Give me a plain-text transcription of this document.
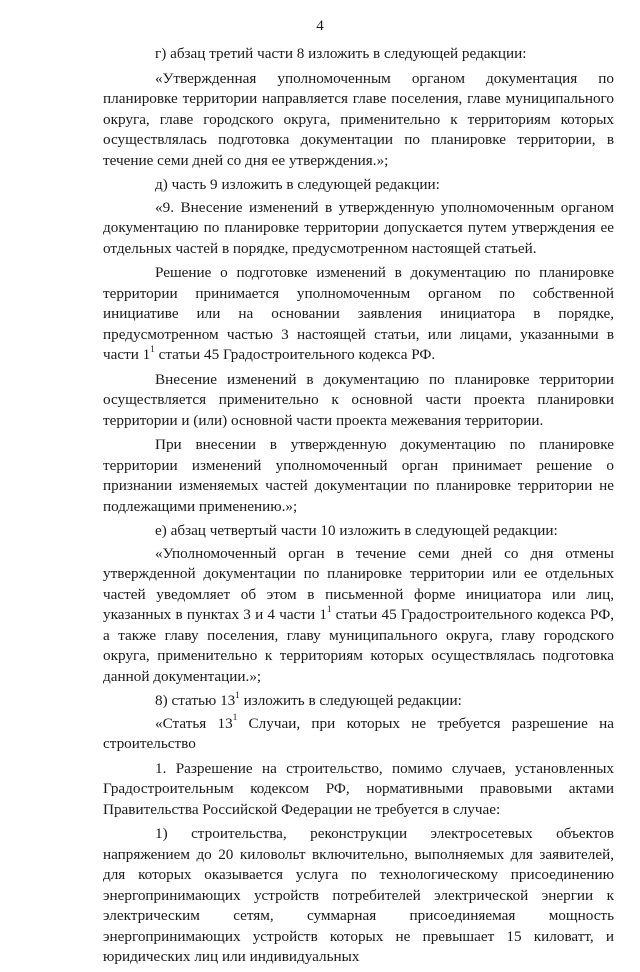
4

г) абзац третий части 8 изложить в следующей редакции:

«Утвержденная уполномоченным органом документация по планировке территории направляется главе поселения, главе муниципального округа, главе городского округа, применительно к территориям которых осуществлялась подготовка документации по планировке территории, в течение семи дней со дня ее утверждения.»;

д) часть 9 изложить в следующей редакции:

«9. Внесение изменений в утвержденную уполномоченным органом документацию по планировке территории допускается путем утверждения ее отдельных частей в порядке, предусмотренном настоящей статьей.

Решение о подготовке изменений в документацию по планировке территории принимается уполномоченным органом по собственной инициативе или на основании заявления инициатора в порядке, предусмотренном частью 3 настоящей статьи, или лицами, указанными в части $1^1$ статьи 45 Градостроительного кодекса РФ.

Внесение изменений в документацию по планировке территории осуществляется применительно к основной части проекта планировки территории и (или) основной части проекта межевания территории.

При внесении в утвержденную документацию по планировке территории изменений уполномоченный орган принимает решение о признании изменяемых частей документации по планировке территории не подлежащими применению.»;

е) абзац четвертый части 10 изложить в следующей редакции:

«Уполномоченный орган в течение семи дней со дня отмены утвержденной документации по планировке территории или ее отдельных частей уведомляет об этом в письменной форме инициатора или лиц, указанных в пунктах 3 и 4 части $1^1$ статьи 45 Градостроительного кодекса РФ, а также главу поселения, главу муниципального округа, главу городского округа, применительно к территориям которых осуществлялась подготовка данной документации.»;

8) статью $13^1$ изложить в следующей редакции:

«Статья $13^1$ Случаи, при которых не требуется разрешение на строительство

1. Разрешение на строительство, помимо случаев, установленных Градостроительным кодексом РФ, нормативными правовыми актами Правительства Российской Федерации не требуется в случае:

1) строительства, реконструкции электросетевых объектов напряжением до 20 киловольт включительно, выполняемых для заявителей, для которых оказывается услуга по технологическому присоединению энергопринимающих устройств потребителей электрической энергии к электрическим сетям, суммарная присоединяемая мощность энергопринимающих устройств которых не превышает 15 киловатт, и юридических лиц или индивидуальных
